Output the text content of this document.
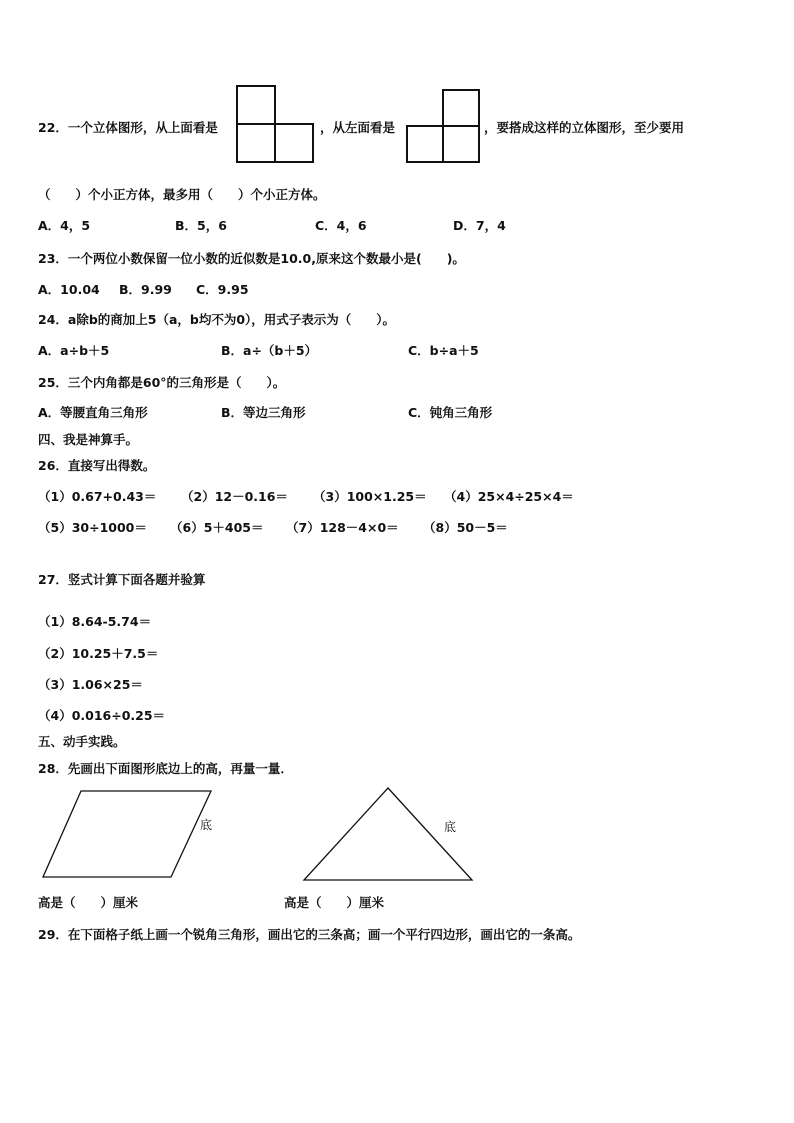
22．一个立体图形，从上面看是	，从左面看是	，要搭成这样的立体图形，至少要用
（　　）个小正方体，最多用（　　）个小正方体。
A．4，5	B．5，6	C．4，6	D．7，4
23．一个两位小数保留一位小数的近似数是10.0,原来这个数最小是(　　)。
A．10.04 B．9.99 C．9.95
24．a除b的商加上5（a，b均不为0），用式子表示为（　　）。
A．a÷b＋5	B．a÷（b＋5）	C．b÷a＋5
25．三个内角都是60°的三角形是（　　）。
A．等腰直角三角形	B．等边三角形	C．钝角三角形
四、我是神算手。
26．直接写出得数。
（1）0.67+0.43＝ （2）12－0.16＝ （3）100×1.25＝ （4）25×4÷25×4＝
（5）30÷1000＝ （6）5＋405＝ （7）128－4×0＝ （8）50－5＝
27．竖式计算下面各题并验算
（1）8.64-5.74＝
（2）10.25＋7.5＝
（3）1.06×25＝
（4）0.016÷0.25＝
五、动手实践。
28．先画出下面图形底边上的高，再量一量．
底	底
高是（　　）厘米	高是（　　）厘米
29．在下面格子纸上画一个锐角三角形，画出它的三条高；画一个平行四边形，画出它的一条高。
